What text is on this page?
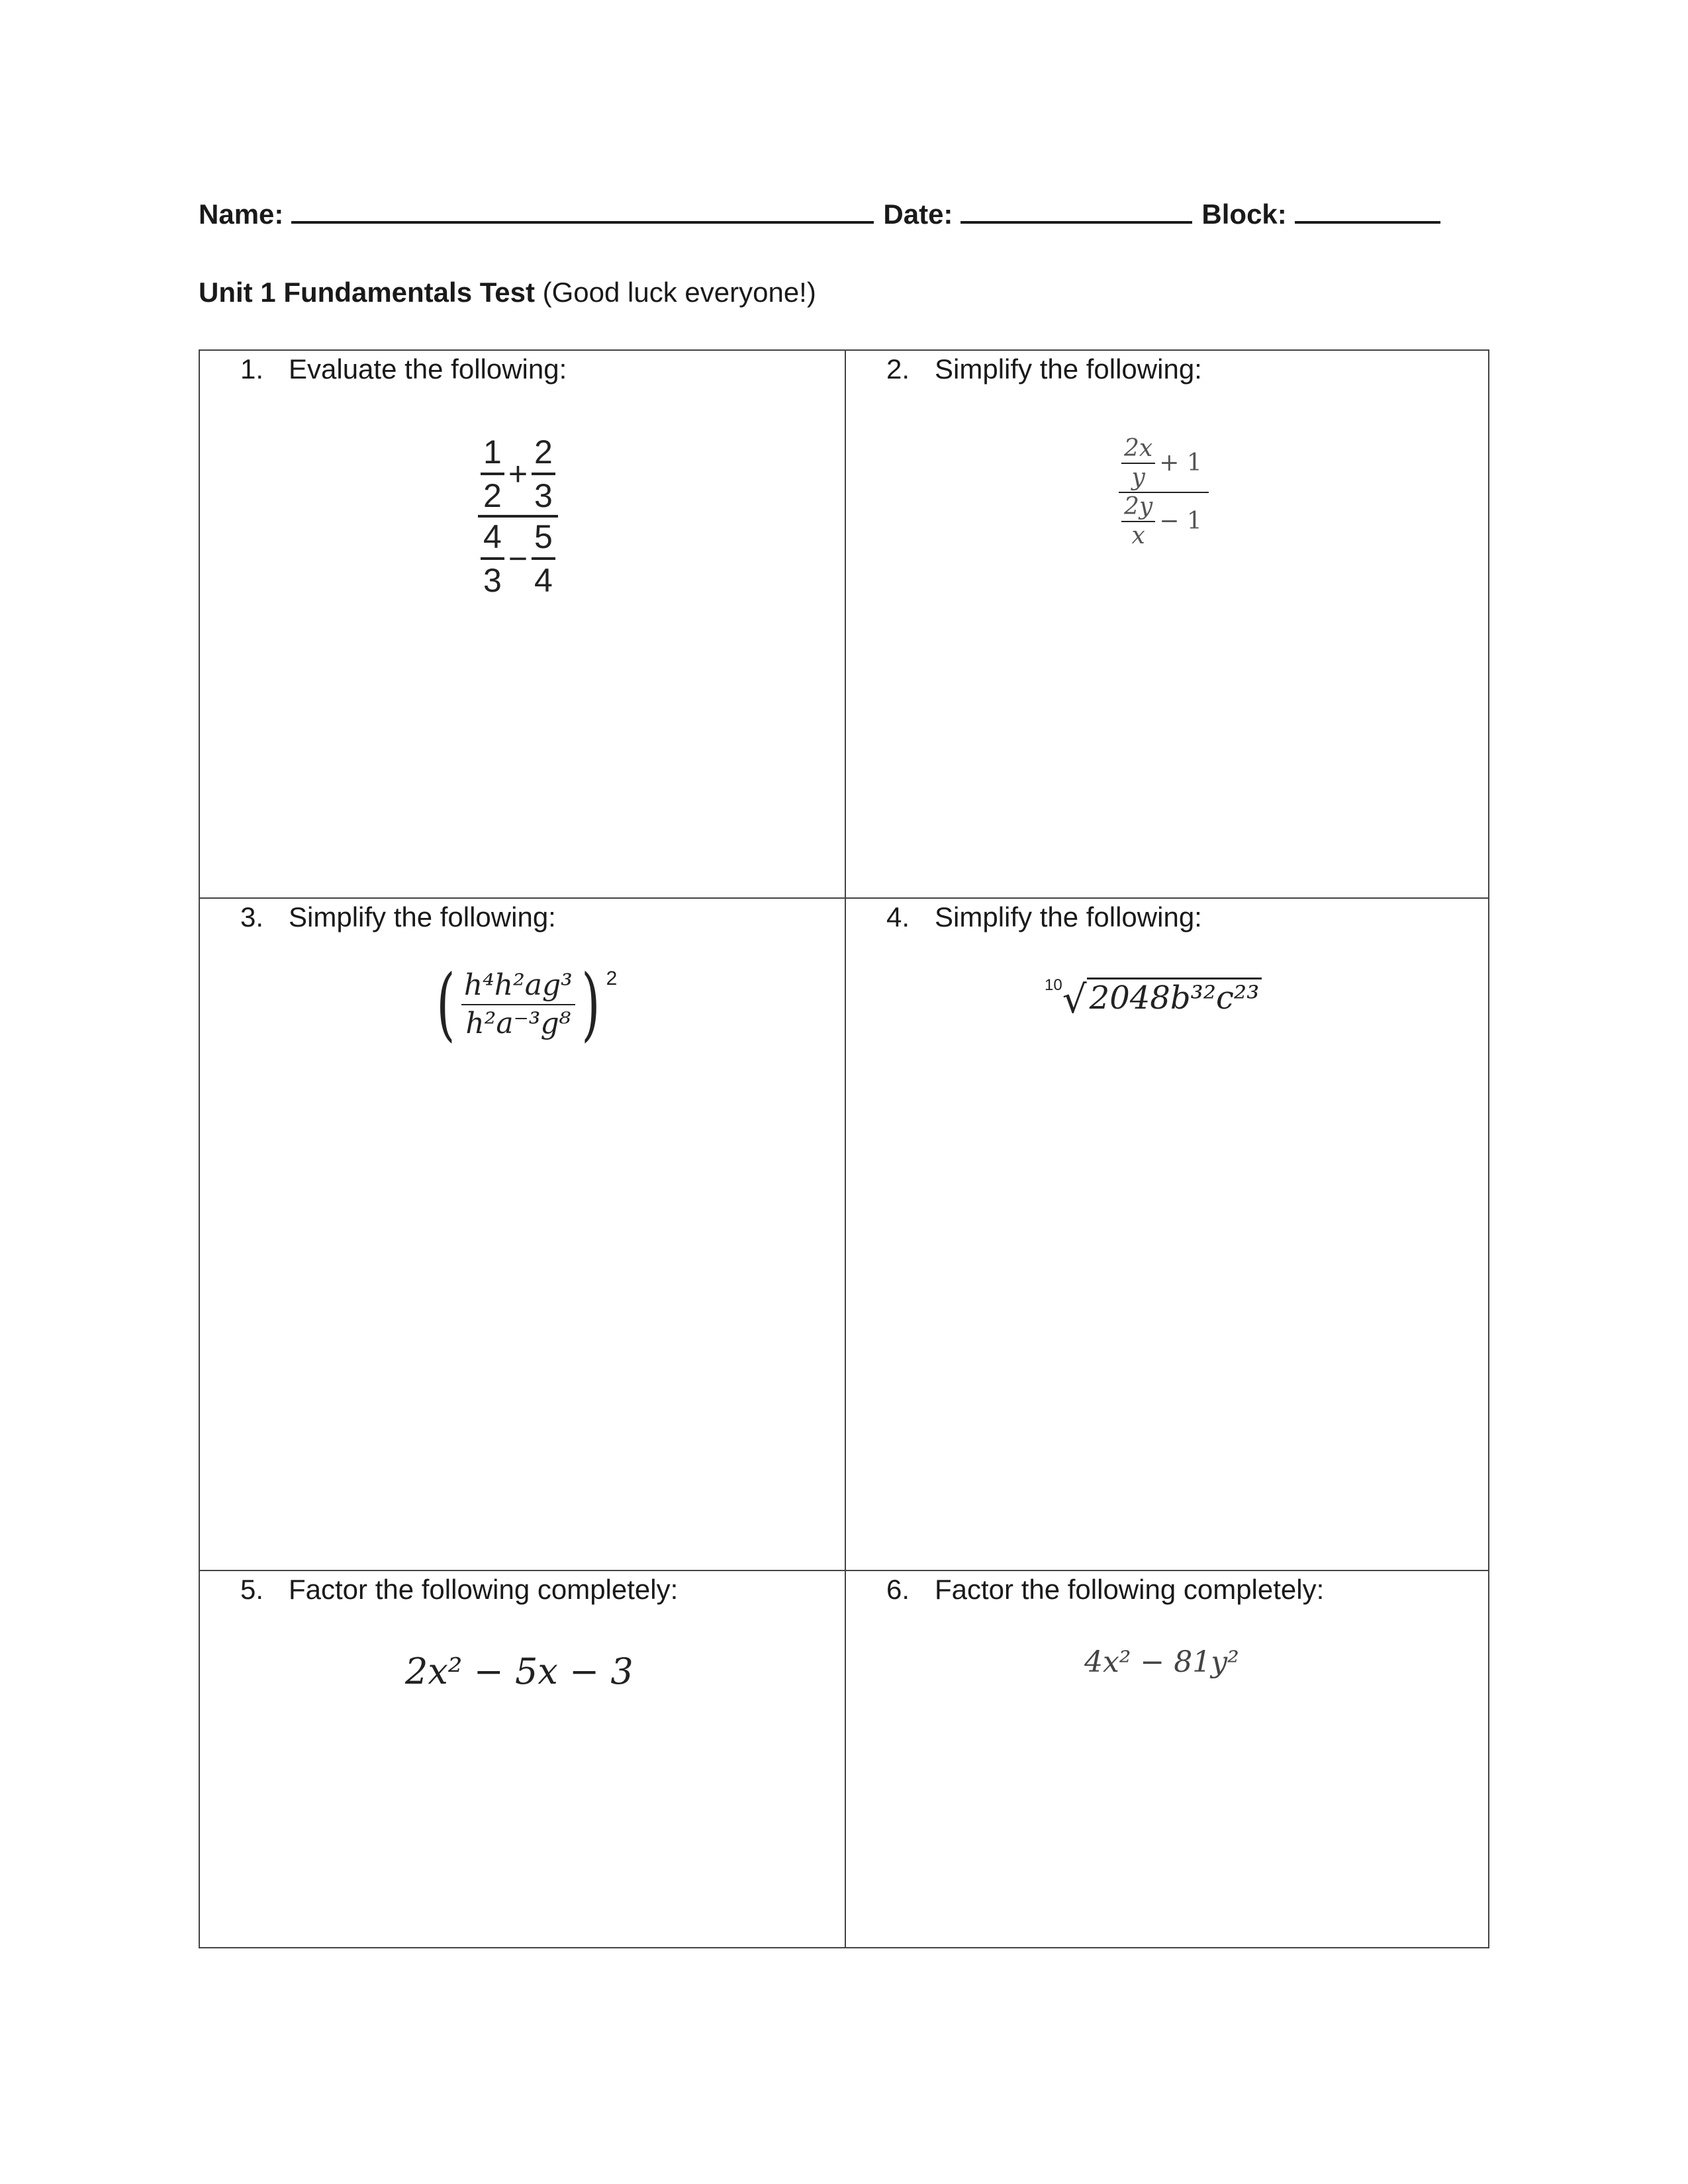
Name:	Date:	Block:
Unit 1 Fundamentals Test (Good luck everyone!)
1. Evaluate the following:
$\frac{\frac{1}{2} + \frac{2}{3}}{\frac{4}{3} - \frac{5}{4}}$
2. Simplify the following:
$\frac{\frac{2x}{y} + 1}{\frac{2y}{x} - 1}$
3. Simplify the following:
( $\frac{\text{h⁴h²ag³}}{\text{h²a⁻³g⁸}}$ ) 2
4. Simplify the following:
$^{10}$√2048b³²c²³
5. Factor the following completely:
2x² − 5x − 3
6. Factor the following completely:
4x² − 81y²
